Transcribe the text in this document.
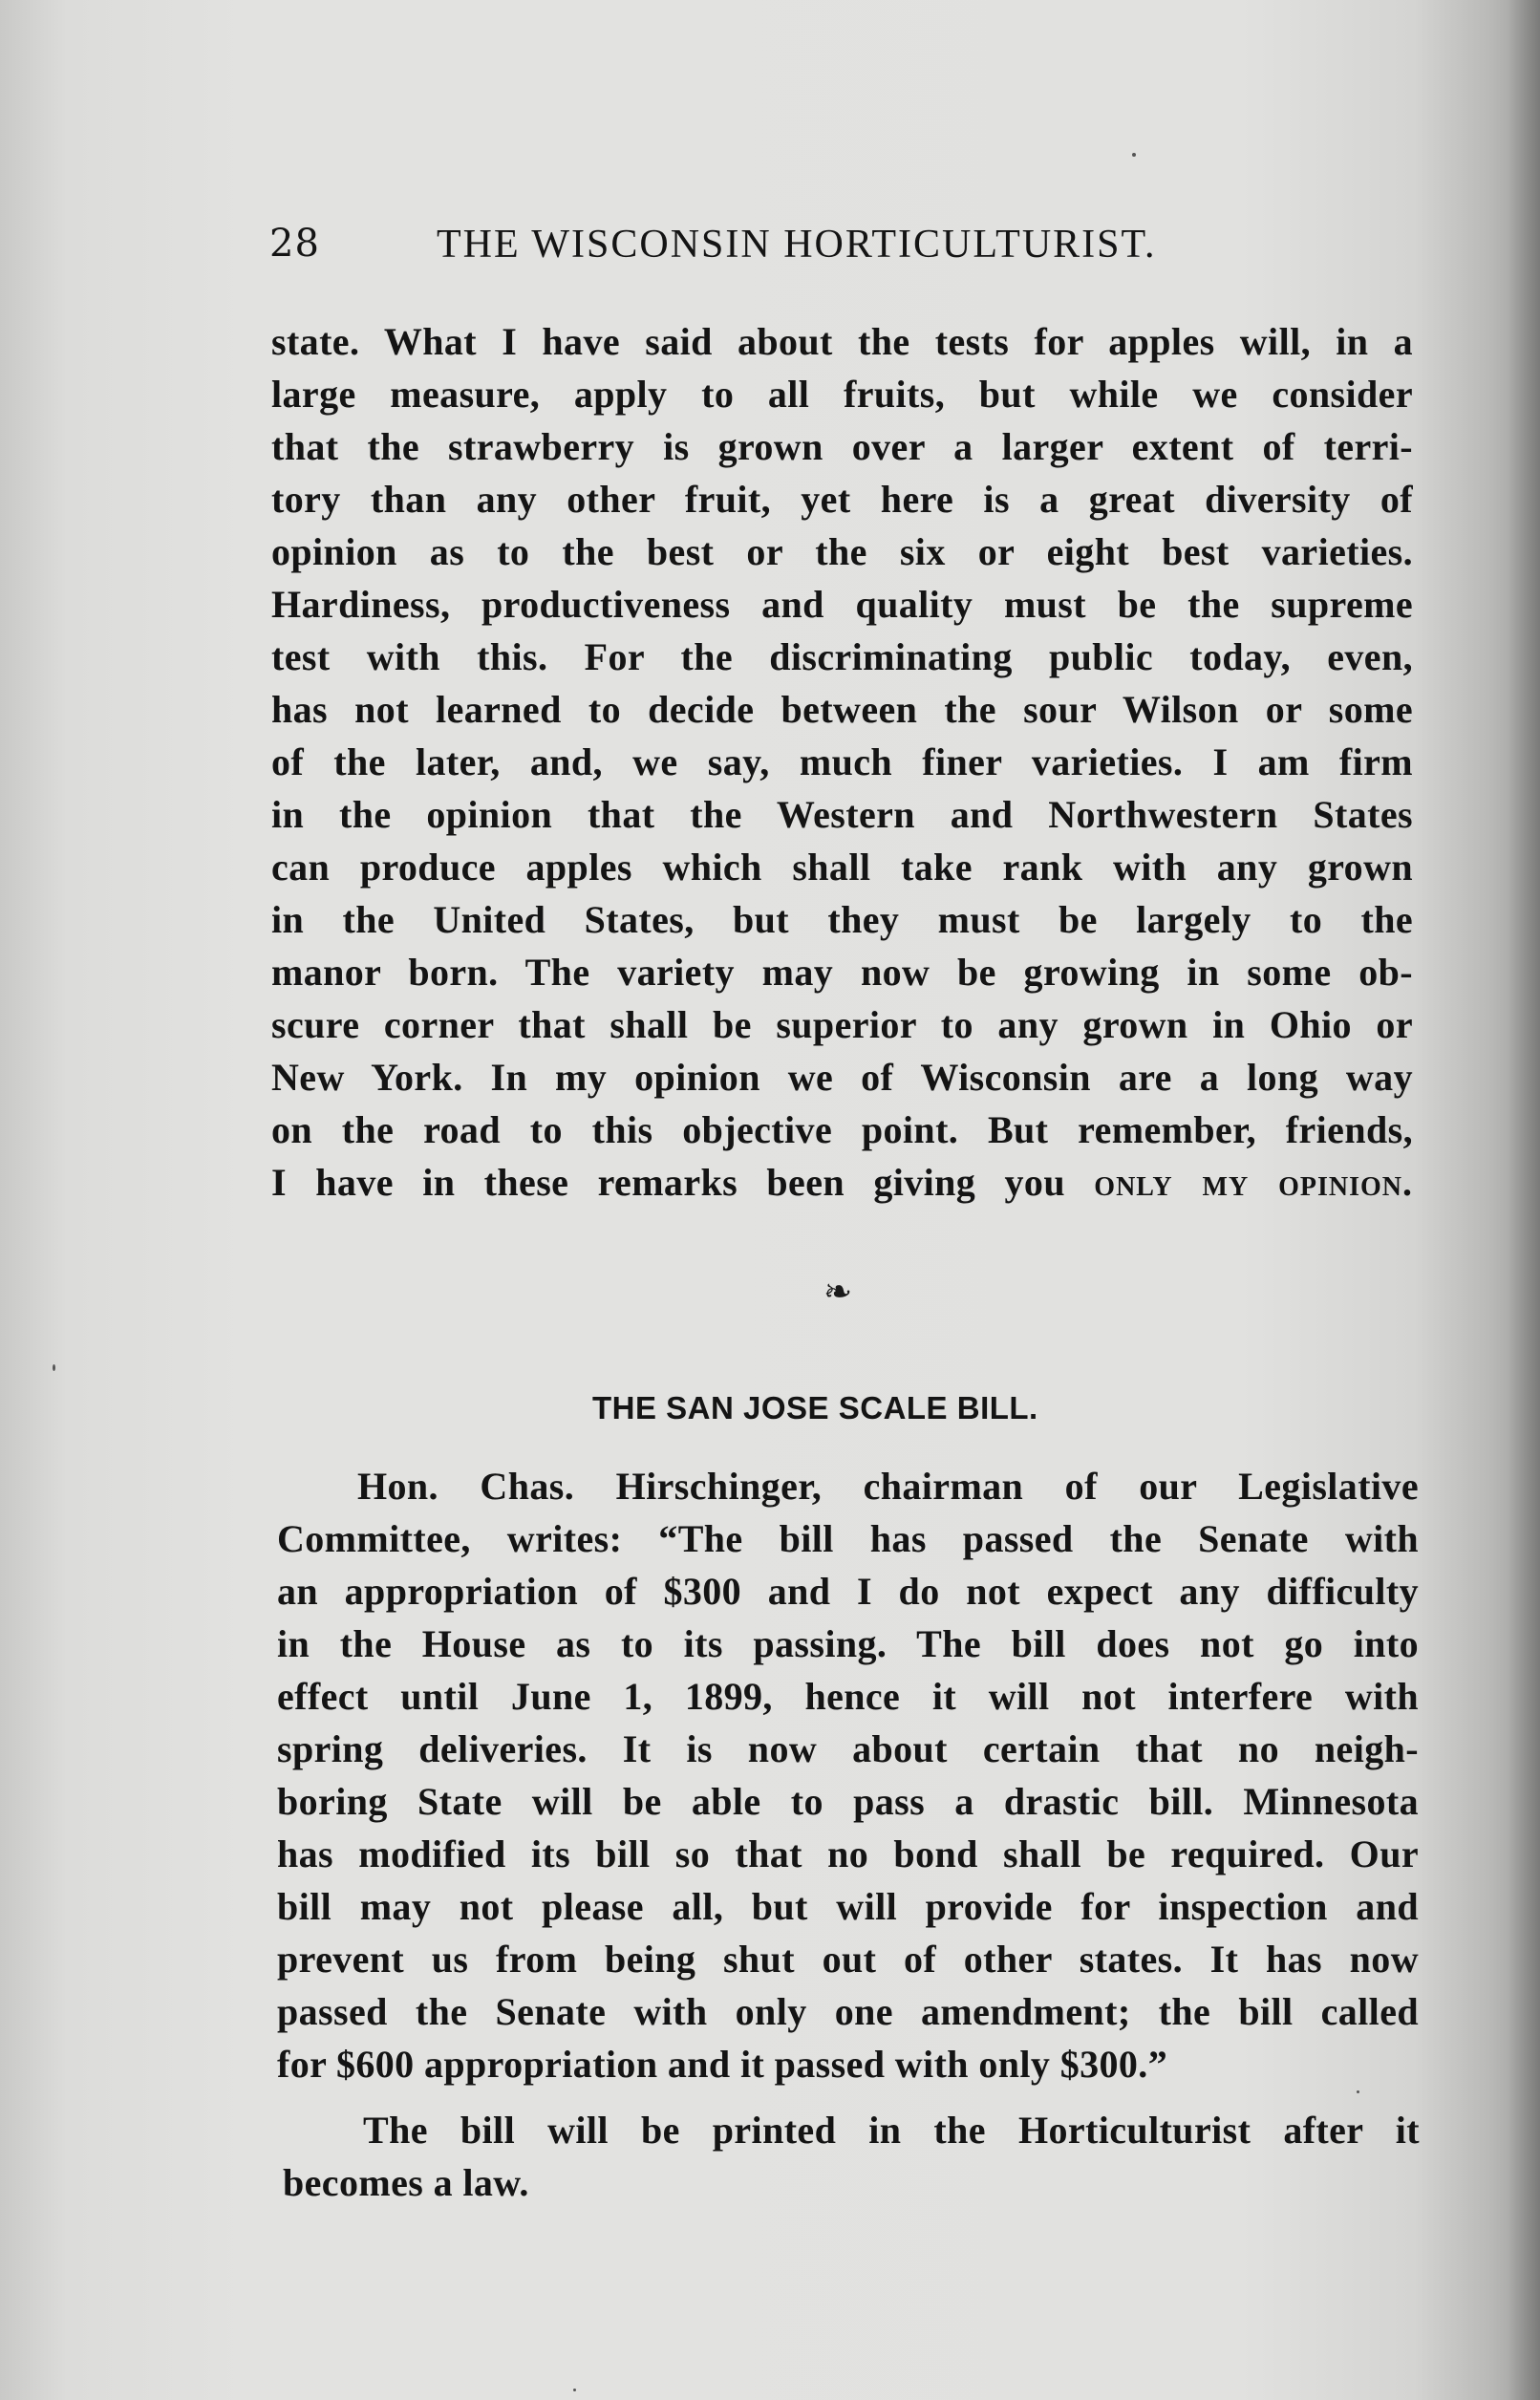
28	THE WISCONSIN HORTICULTURIST.
state. What I have said about the tests for apples will, in a
large measure, apply to all fruits, but while we consider
that the strawberry is grown over a larger extent of terri-
tory than any other fruit, yet here is a great diversity of
opinion as to the best or the six or eight best varieties.
Hardiness, productiveness and quality must be the supreme
test with this. For the discriminating public today, even,
has not learned to decide between the sour Wilson or some
of the later, and, we say, much finer varieties. I am firm
in the opinion that the Western and Northwestern States
can produce apples which shall take rank with any grown
in the United States, but they must be largely to the
manor born. The variety may now be growing in some ob-
scure corner that shall be superior to any grown in Ohio or
New York. In my opinion we of Wisconsin are a long way
on the road to this objective point. But remember, friends,
I have in these remarks been giving you only my opinion.
❧
THE SAN JOSE SCALE BILL.
Hon. Chas. Hirschinger, chairman of our Legislative
Committee, writes: “The bill has passed the Senate with
an appropriation of $300 and I do not expect any difficulty
in the House as to its passing. The bill does not go into
effect until June 1, 1899, hence it will not interfere with
spring deliveries. It is now about certain that no neigh-
boring State will be able to pass a drastic bill. Minnesota
has modified its bill so that no bond shall be required. Our
bill may not please all, but will provide for inspection and
prevent us from being shut out of other states. It has now
passed the Senate with only one amendment; the bill called
for $600 appropriation and it passed with only $300.”
The bill will be printed in the Horticulturist after it
becomes a law.
